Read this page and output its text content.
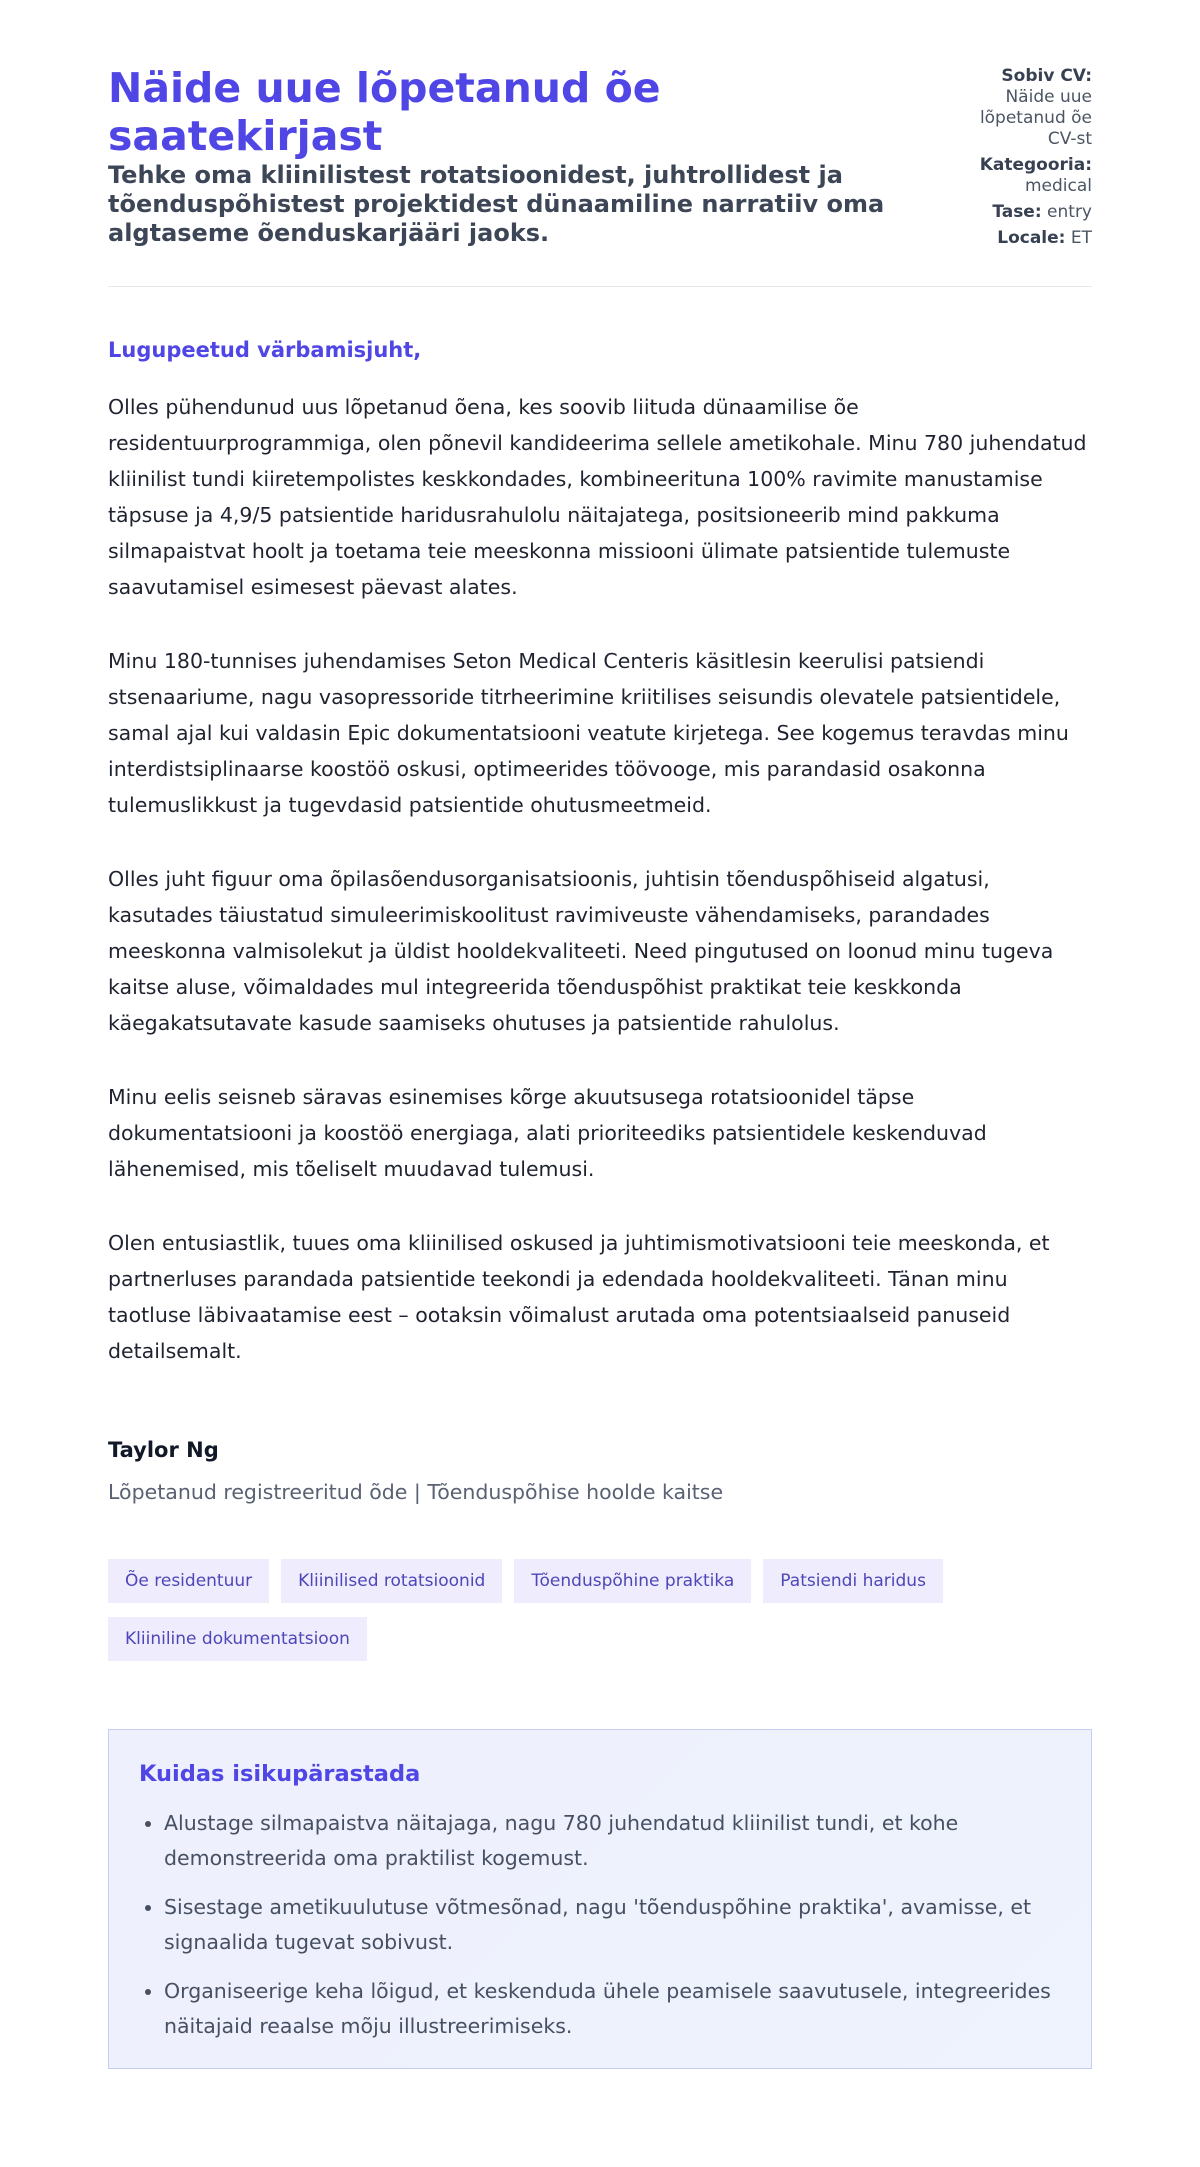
Näide uue lõpetanud õe saatekirjast

Tehke oma kliinilistest rotatsioonidest, juhtrollidest ja tõenduspõhistest projektidest dünaamiline narratiiv oma algtaseme õenduskarjääri jaoks.

Sobiv CV: Näide uue lõpetanud õe CV-st
Kategooria: medical
Tase: entry
Locale: ET
Lugupeetud värbamisjuht,

Olles pühendunud uus lõpetanud õena, kes soovib liituda dünaamilise õe residentuurprogrammiga, olen põnevil kandideerima sellele ametikohale. Minu 780 juhendatud kliinilist tundi kiiretempolistes keskkondades, kombineerituna 100% ravimite manustamise täpsuse ja 4,9/5 patsientide haridusrahulolu näitajatega, positsioneerib mind pakkuma silmapaistvat hoolt ja toetama teie meeskonna missiooni ülimate patsientide tulemuste saavutamisel esimesest päevast alates.

Minu 180-tunnises juhendamises Seton Medical Centeris käsitlesin keerulisi patsiendi stsenaariume, nagu vasopressoride titrheerimine kriitilises seisundis olevatele patsientidele, samal ajal kui valdasin Epic dokumentatsiooni veatute kirjetega. See kogemus teravdas minu interdistsiplinaarse koostöö oskusi, optimeerides töövooge, mis parandasid osakonna tulemuslikkust ja tugevdasid patsientide ohutusmeetmeid.

Olles juht figuur oma õpilasõendusorganisatsioonis, juhtisin tõenduspõhiseid algatusi, kasutades täiustatud simuleerimiskoolitust ravimivеuste vähendamiseks, parandades meeskonna valmisolekut ja üldist hooldekvaliteeti. Need pingutused on loonud minu tugeva kaitse aluse, võimaldades mul integreerida tõenduspõhist praktikat teie keskkonda käegakatsutavate kasude saamiseks ohutuses ja patsientide rahulolus.

Minu eelis seisneb säravas esinemises kõrge akuutsusega rotatsioonidel täpse dokumentatsiooni ja koostöö energiaga, alati prioriteediks patsientidele keskenduvad lähenemised, mis tõeliselt muudavad tulemusi.

Olen entusiastlik, tuues oma kliinilised oskused ja juhtimismotivatsiooni teie meeskonda, et partnerluses parandada patsientide teekondi ja edendada hooldekvaliteeti. Tänan minu taotluse läbivaatamise eest – ootaksin võimalust arutada oma potentsiaalseid panuseid detailsemalt.

Taylor Ng
Lõpetanud registreeritud õde | Tõenduspõhise hoolde kaitse
Õe residentuur	Kliinilised rotatsioonid	Tõenduspõhine praktika	Patsiendi haridus
Kliiniline dokumentatsioon
Kuidas isikupärastada
• Alustage silmapaistva näitajaga, nagu 780 juhendatud kliinilist tundi, et kohe demonstreerida oma praktilist kogemust.
• Sisestage ametikuulutuse võtmesõnad, nagu 'tõenduspõhine praktika', avamisse, et signaalida tugevat sobivust.
• Organiseerige keha lõigud, et keskenduda ühele peamisele saavutusele, integreerides näitajaid reaalse mõju illustreerimiseks.
